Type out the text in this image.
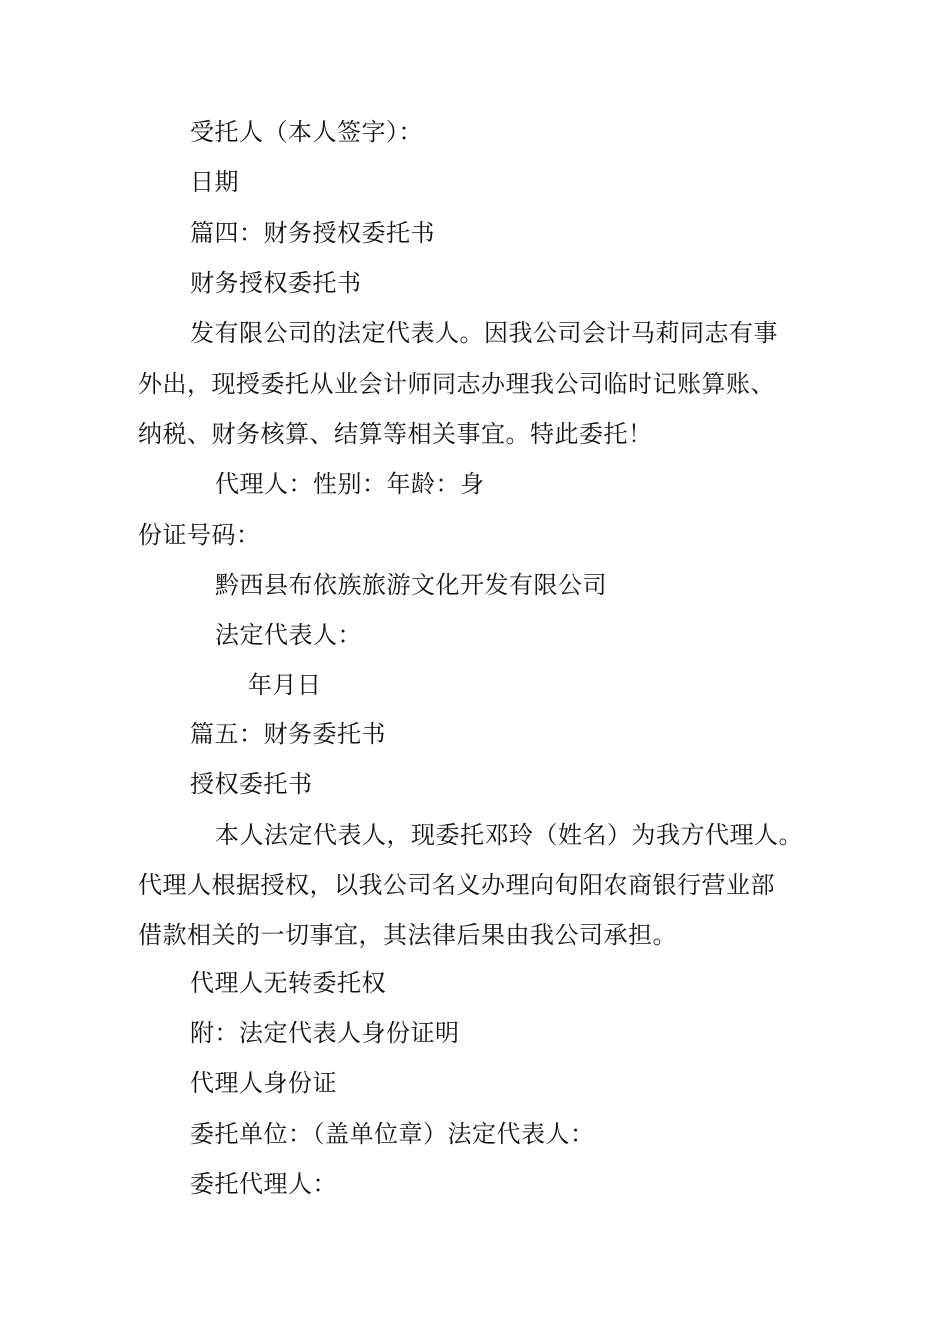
受托人（本人签字）：
日期
篇四：财务授权委托书
财务授权委托书
发有限公司的法定代表人。因我公司会计马莉同志有事
外出，现授委托从业会计师同志办理我公司临时记账算账、
纳税、财务核算、结算等相关事宜。特此委托！
代理人：性别：年龄：身
份证号码：
黔西县布依族旅游文化开发有限公司
法定代表人：
年月日
篇五：财务委托书
授权委托书
本人法定代表人，现委托邓玲（姓名）为我方代理人。
代理人根据授权，以我公司名义办理向旬阳农商银行营业部
借款相关的一切事宜，其法律后果由我公司承担。
代理人无转委托权
附：法定代表人身份证明
代理人身份证
委托单位：（盖单位章）法定代表人：
委托代理人：
